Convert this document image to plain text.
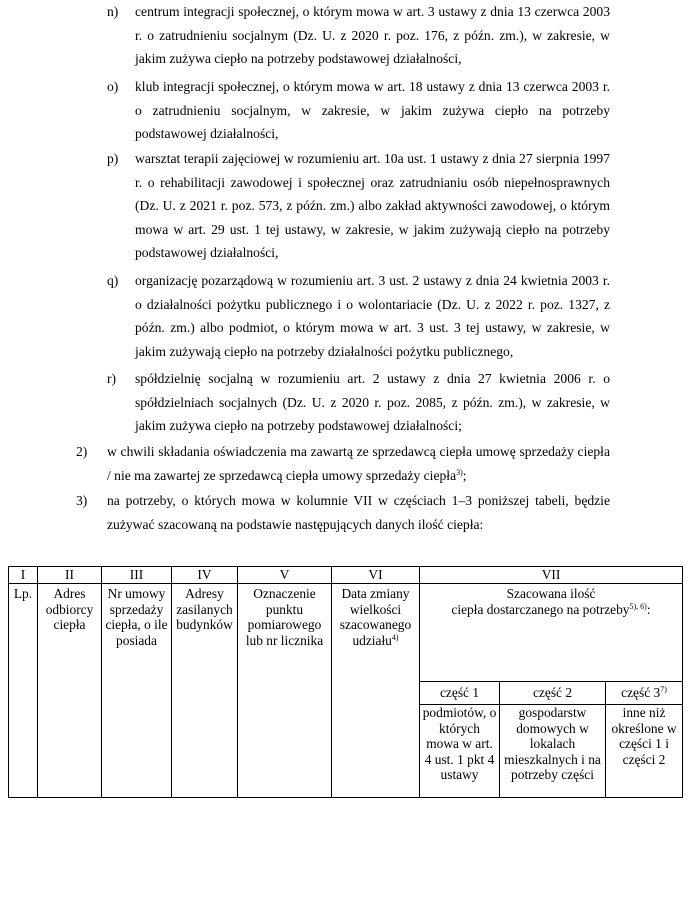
n) centrum integracji społecznej, o którym mowa w art. 3 ustawy z dnia 13 czerwca 2003 r. o zatrudnieniu socjalnym (Dz. U. z 2020 r. poz. 176, z późn. zm.), w zakresie, w jakim zużywa ciepło na potrzeby podstawowej działalności,
o) klub integracji społecznej, o którym mowa w art. 18 ustawy z dnia 13 czerwca 2003 r. o zatrudnieniu socjalnym, w zakresie, w jakim zużywa ciepło na potrzeby podstawowej działalności,
p) warsztat terapii zajęciowej w rozumieniu art. 10a ust. 1 ustawy z dnia 27 sierpnia 1997 r. o rehabilitacji zawodowej i społecznej oraz zatrudnianiu osób niepełnosprawnych (Dz. U. z 2021 r. poz. 573, z późn. zm.) albo zakład aktywności zawodowej, o którym mowa w art. 29 ust. 1 tej ustawy, w zakresie, w jakim zużywają ciepło na potrzeby podstawowej działalności,
q) organizację pozarządową w rozumieniu art. 3 ust. 2 ustawy z dnia 24 kwietnia 2003 r. o działalności pożytku publicznego i o wolontariacie (Dz. U. z 2022 r. poz. 1327, z późn. zm.) albo podmiot, o którym mowa w art. 3 ust. 3 tej ustawy, w zakresie, w jakim zużywają ciepło na potrzeby działalności pożytku publicznego,
r) spółdzielnię socjalną w rozumieniu art. 2 ustawy z dnia 27 kwietnia 2006 r. o spółdzielniach socjalnych (Dz. U. z 2020 r. poz. 2085, z późn. zm.), w zakresie, w jakim zużywa ciepło na potrzeby podstawowej działalności;
2) w chwili składania oświadczenia ma zawartą ze sprzedawcą ciepła umowę sprzedaży ciepła / nie ma zawartej ze sprzedawcą ciepła umowy sprzedaży ciepła$^{3)}$;
3) na potrzeby, o których mowa w kolumnie VII w częściach 1–3 poniższej tabeli, będzie zużywać szacowaną na podstawie następujących danych ilość ciepła:
I	II	III	IV	V	VI	VII		
Lp.	Adres odbiorcy ciepła	Nr umowy sprzedaży ciepła, o ile posiada	Adresy zasilanych budynków	Oznaczenie punktu pomiarowego lub nr licznika	Data zmiany wielkości szacowanego udziału$^{4)}$	Szacowana ilość
ciepła dostarczanego na potrzeby$^{5), 6)}$:		
						część 1	część 2	część 3$^{7)}$
						podmiotów, o których mowa w art. 4 ust. 1 pkt 4 ustawy	gospodarstw domowych w lokalach mieszkalnych i na potrzeby części	inne niż określone w części 1 i części 2
